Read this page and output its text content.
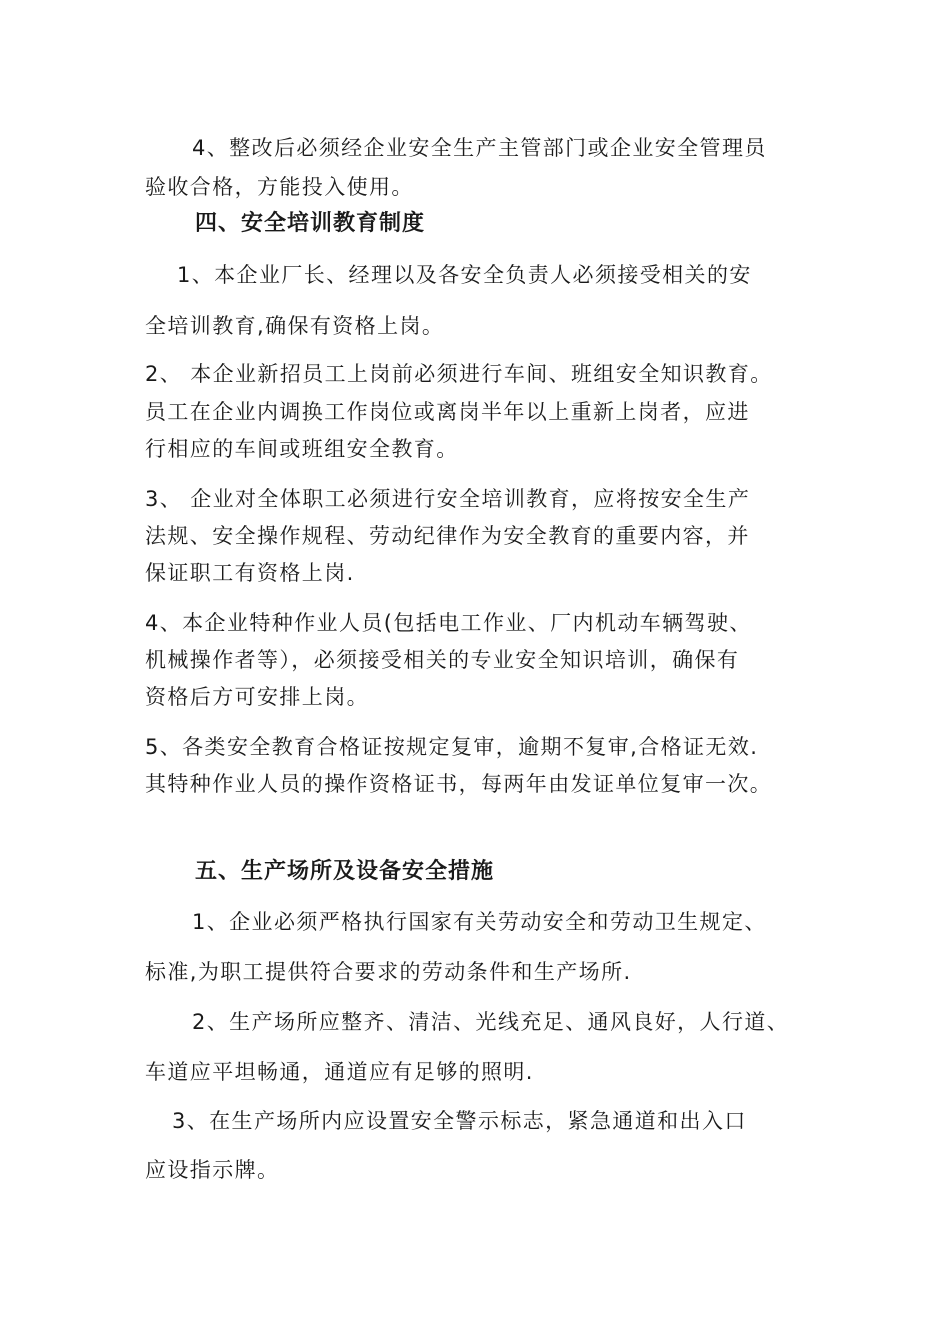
4、整改后必须经企业安全生产主管部门或企业安全管理员
验收合格，方能投入使用。
四、安全培训教育制度
1、本企业厂长、经理以及各安全负责人必须接受相关的安
全培训教育,确保有资格上岗。
2、 本企业新招员工上岗前必须进行车间、班组安全知识教育。
员工在企业内调换工作岗位或离岗半年以上重新上岗者，应进
行相应的车间或班组安全教育。
3、 企业对全体职工必须进行安全培训教育，应将按安全生产
法规、安全操作规程、劳动纪律作为安全教育的重要内容，并
保证职工有资格上岗.
4、本企业特种作业人员(包括电工作业、厂内机动车辆驾驶、
机械操作者等），必须接受相关的专业安全知识培训，确保有
资格后方可安排上岗。
5、各类安全教育合格证按规定复审，逾期不复审,合格证无效.
其特种作业人员的操作资格证书，每两年由发证单位复审一次。
五、生产场所及设备安全措施
1、企业必须严格执行国家有关劳动安全和劳动卫生规定、
标准,为职工提供符合要求的劳动条件和生产场所.
2、生产场所应整齐、清洁、光线充足、通风良好，人行道、
车道应平坦畅通，通道应有足够的照明.
3、在生产场所内应设置安全警示标志，紧急通道和出入口
应设指示牌。
